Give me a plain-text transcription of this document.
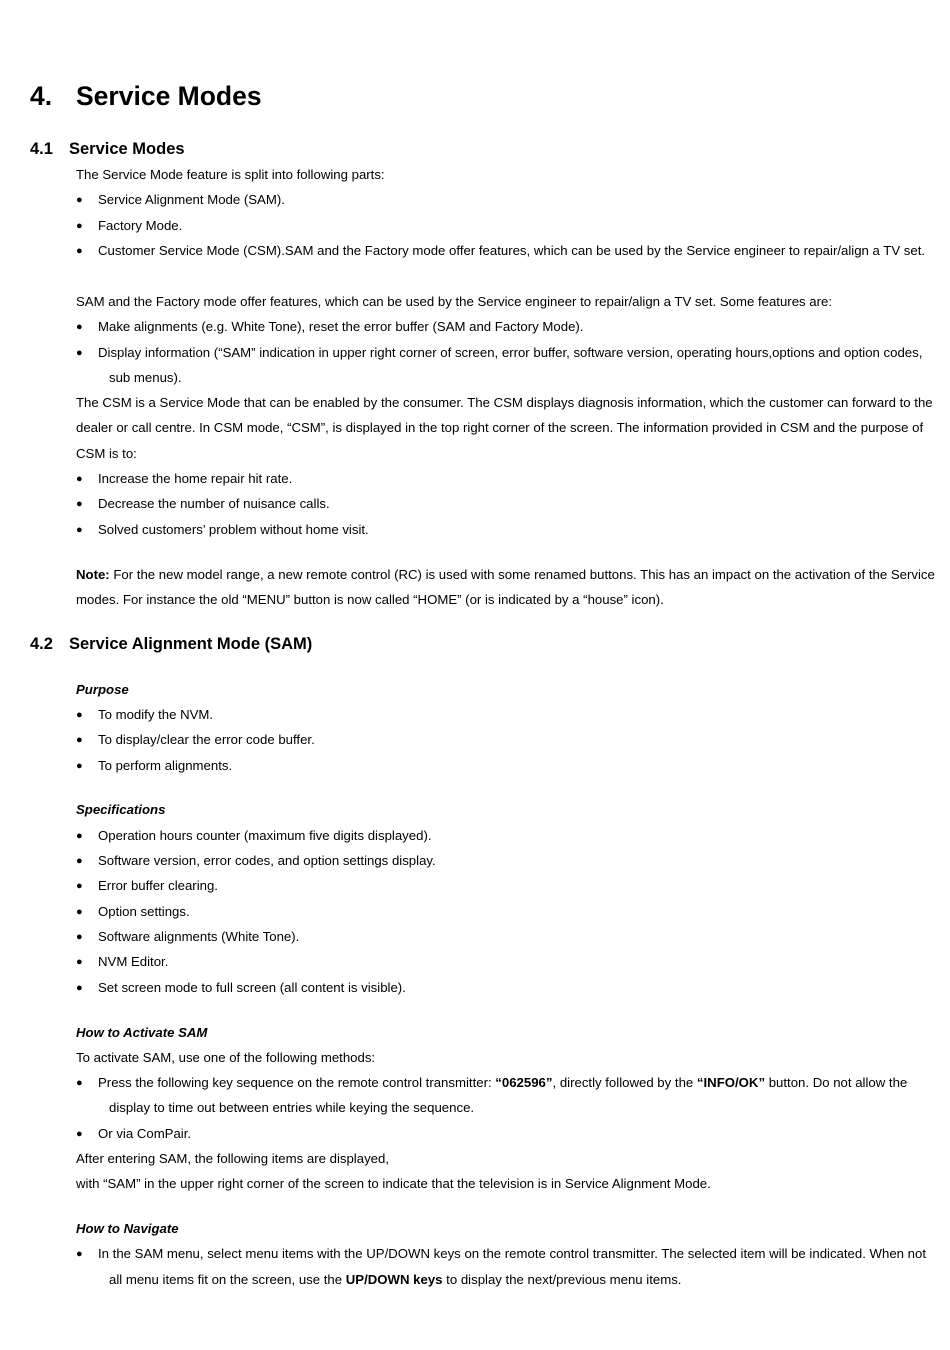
4. Service Modes
4.1 Service Modes
The Service Mode feature is split into following parts:
● Service Alignment Mode (SAM).
● Factory Mode.
● Customer Service Mode (CSM).SAM and the Factory mode offer features, which can be used by the Service engineer to repair/align a TV set.
SAM and the Factory mode offer features, which can be used by the Service engineer to repair/align a TV set. Some features are:
● Make alignments (e.g. White Tone), reset the error buffer (SAM and Factory Mode).
● Display information (“SAM” indication in upper right corner of screen, error buffer, software version, operating hours,options and option codes,
sub menus).
The CSM is a Service Mode that can be enabled by the consumer. The CSM displays diagnosis information, which the customer can forward to the
dealer or call centre. In CSM mode, “CSM”, is displayed in the top right corner of the screen. The information provided in CSM and the purpose of
CSM is to:
● Increase the home repair hit rate.
● Decrease the number of nuisance calls.
● Solved customers’ problem without home visit.
Note: For the new model range, a new remote control (RC) is used with some renamed buttons. This has an impact on the activation of the Service
modes. For instance the old “MENU” button is now called “HOME” (or is indicated by a “house” icon).
4.2 Service Alignment Mode (SAM)
Purpose
● To modify the NVM.
● To display/clear the error code buffer.
● To perform alignments.
Specifications
● Operation hours counter (maximum five digits displayed).
● Software version, error codes, and option settings display.
● Error buffer clearing.
● Option settings.
● Software alignments (White Tone).
● NVM Editor.
● Set screen mode to full screen (all content is visible).
How to Activate SAM
To activate SAM, use one of the following methods:
● Press the following key sequence on the remote control transmitter: “062596”, directly followed by the “INFO/OK” button. Do not allow the
display to time out between entries while keying the sequence.
● Or via ComPair.
After entering SAM, the following items are displayed,
with “SAM” in the upper right corner of the screen to indicate that the television is in Service Alignment Mode.
How to Navigate
● In the SAM menu, select menu items with the UP/DOWN keys on the remote control transmitter. The selected item will be indicated. When not
all menu items fit on the screen, use the UP/DOWN keys to display the next/previous menu items.
